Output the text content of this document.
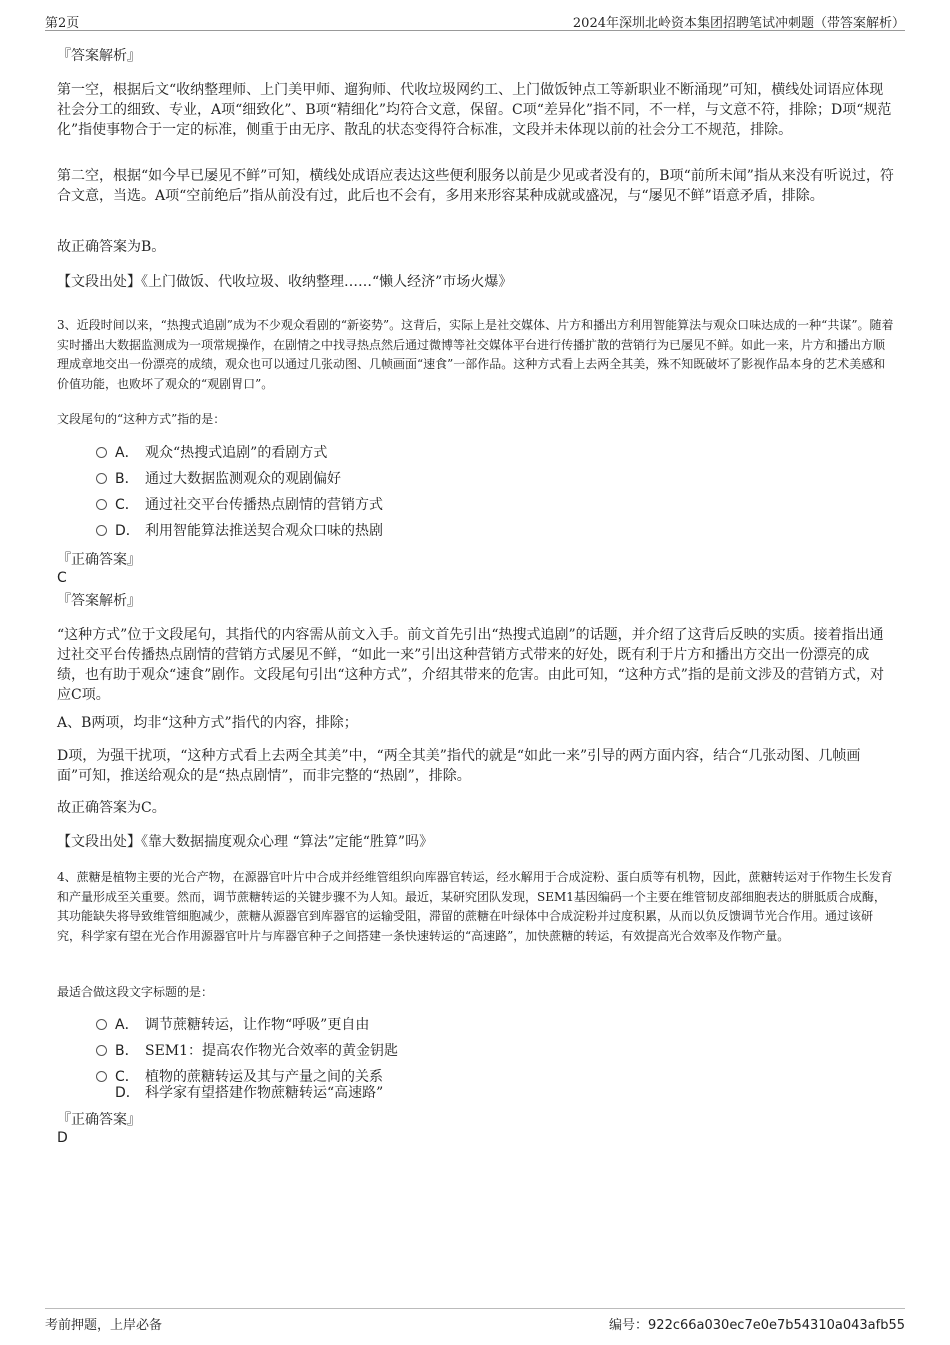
第2页	2024年深圳北岭资本集团招聘笔试冲刺题（带答案解析）

『答案解析』

第一空，根据后文“收纳整理师、上门美甲师、遛狗师、代收垃圾网约工、上门做饭钟点工等新职业不断涌现”可知，横线处词语应体现社会分工的细致、专业，A项“细致化”、B项“精细化”均符合文意，保留。C项“差异化”指不同，不一样，与文意不符，排除；D项“规范化”指使事物合于一定的标准，侧重于由无序、散乱的状态变得符合标准，文段并未体现以前的社会分工不规范，排除。

第二空，根据“如今早已屡见不鲜”可知，横线处成语应表达这些便利服务以前是少见或者没有的，B项“前所未闻”指从来没有听说过，符合文意，当选。A项“空前绝后”指从前没有过，此后也不会有，多用来形容某种成就或盛况，与“屡见不鲜”语意矛盾，排除。

故正确答案为B。

【文段出处】《上门做饭、代收垃圾、收纳整理……“懒人经济”市场火爆》

3、近段时间以来，“热搜式追剧”成为不少观众看剧的“新姿势”。这背后，实际上是社交媒体、片方和播出方利用智能算法与观众口味达成的一种“共谋”。随着实时播出大数据监测成为一项常规操作，在剧情之中找寻热点然后通过微博等社交媒体平台进行传播扩散的营销行为已屡见不鲜。如此一来，片方和播出方顺理成章地交出一份漂亮的成绩，观众也可以通过几张动图、几帧画面“速食”一部作品。这种方式看上去两全其美，殊不知既破坏了影视作品本身的艺术美感和价值功能，也败坏了观众的“观剧胃口”。

文段尾句的“这种方式”指的是：

A． 观众“热搜式追剧”的看剧方式
B． 通过大数据监测观众的观剧偏好
C． 通过社交平台传播热点剧情的营销方式
D． 利用智能算法推送契合观众口味的热剧

『正确答案』

C

『答案解析』

“这种方式”位于文段尾句，其指代的内容需从前文入手。前文首先引出“热搜式追剧”的话题，并介绍了这背后反映的实质。接着指出通过社交平台传播热点剧情的营销方式屡见不鲜，“如此一来”引出这种营销方式带来的好处，既有利于片方和播出方交出一份漂亮的成绩，也有助于观众“速食”剧作。文段尾句引出“这种方式”，介绍其带来的危害。由此可知，“这种方式”指的是前文涉及的营销方式，对应C项。

A、B两项，均非“这种方式”指代的内容，排除；

D项，为强干扰项，“这种方式看上去两全其美”中，“两全其美”指代的就是“如此一来”引导的两方面内容，结合“几张动图、几帧画面”可知，推送给观众的是“热点剧情”，而非完整的“热剧”，排除。

故正确答案为C。

【文段出处】《靠大数据揣度观众心理 “算法”定能“胜算”吗》

4、蔗糖是植物主要的光合产物，在源器官叶片中合成并经维管组织向库器官转运，经水解用于合成淀粉、蛋白质等有机物，因此，蔗糖转运对于作物生长发育和产量形成至关重要。然而，调节蔗糖转运的关键步骤不为人知。最近，某研究团队发现，SEM1基因编码一个主要在维管韧皮部细胞表达的胼胝质合成酶，其功能缺失将导致维管细胞减少，蔗糖从源器官到库器官的运输受阻，滞留的蔗糖在叶绿体中合成淀粉并过度积累，从而以负反馈调节光合作用。通过该研究，科学家有望在光合作用源器官叶片与库器官种子之间搭建一条快速转运的“高速路”，加快蔗糖的转运，有效提高光合效率及作物产量。

最适合做这段文字标题的是：

A． 调节蔗糖转运，让作物“呼吸”更自由
B． SEM1：提高农作物光合效率的黄金钥匙
C． 植物的蔗糖转运及其与产量之间的关系
D． 科学家有望搭建作物蔗糖转运“高速路”

『正确答案』

D

考前押题，上岸必备	编号：922c66a030ec7e0e7b54310a043afb55
